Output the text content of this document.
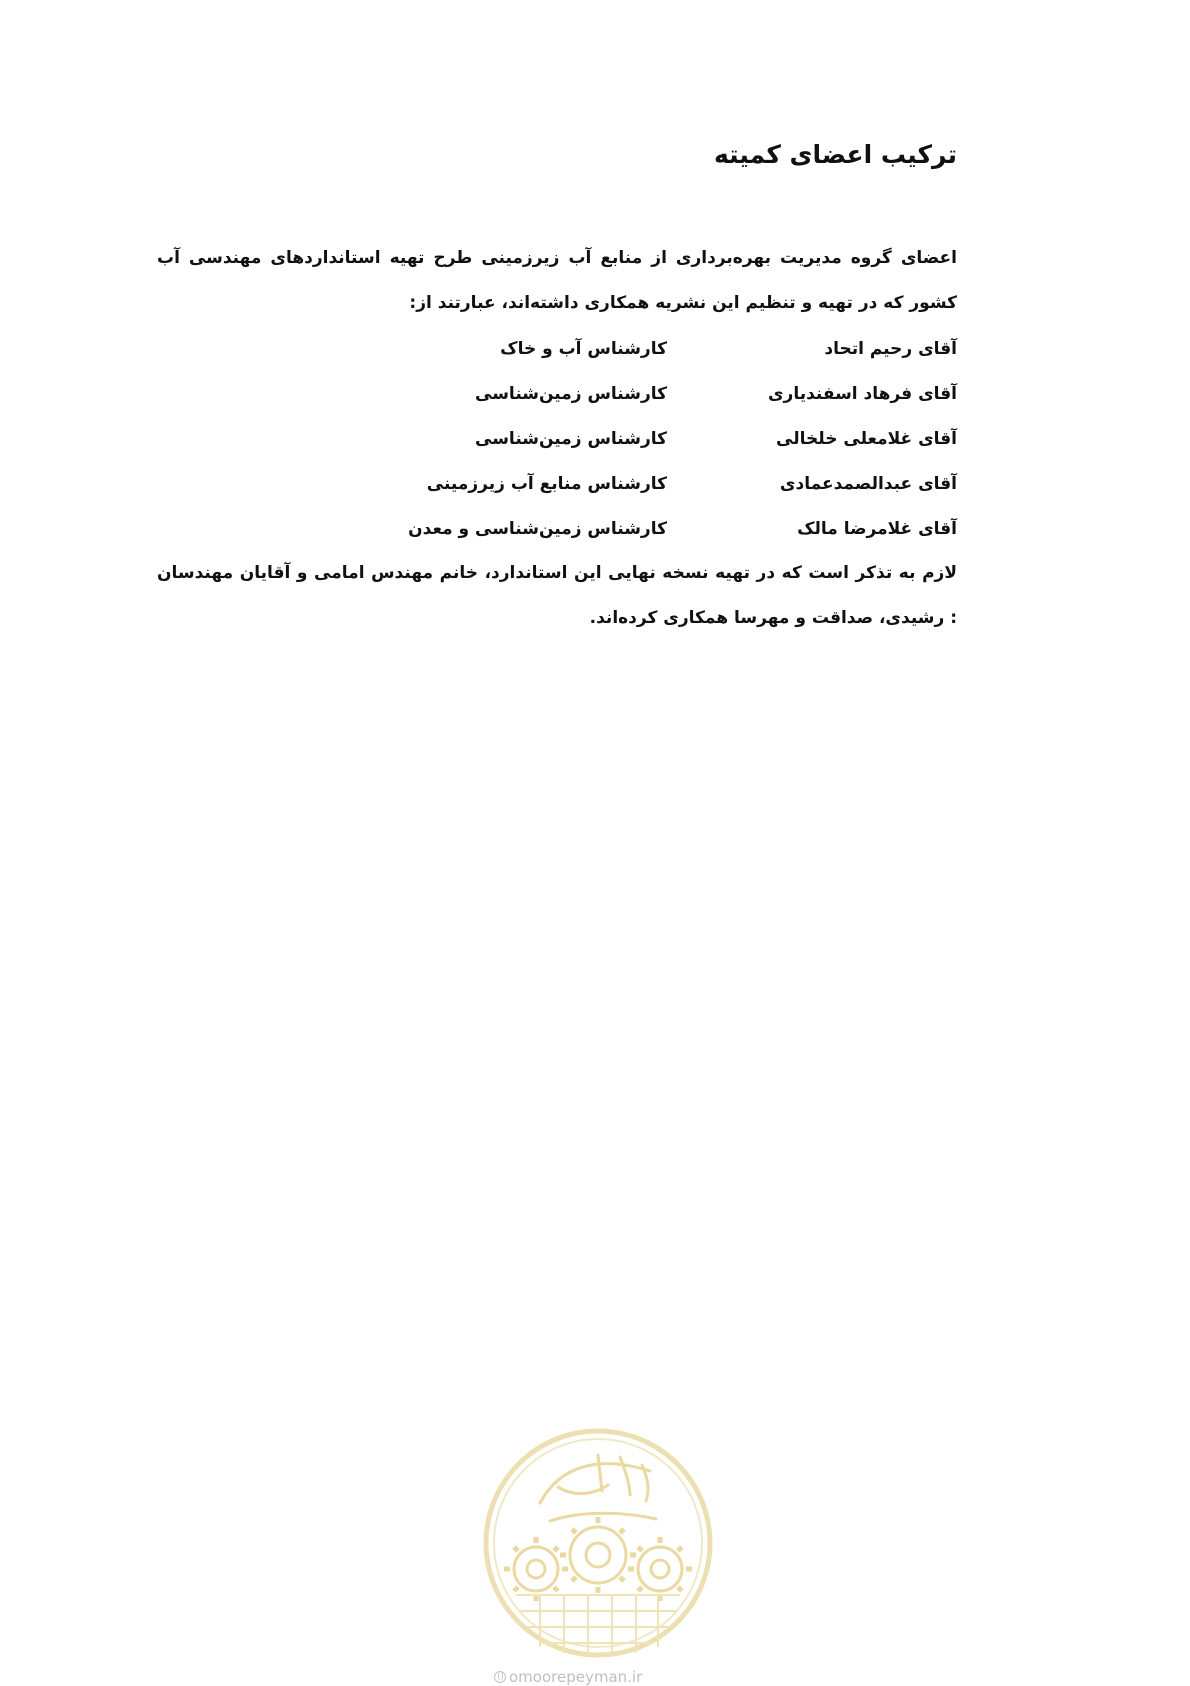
ترکیب اعضای کمیته

اعضای گروه مدیریت بهره‌برداری از منابع آب زیرزمینی طرح تهیه استانداردهای مهندسی آب کشور که در تهیه و تنظیم این نشریه همکاری داشته‌اند، عبارتند از:

آقای رحیم اتحاد
کارشناس آب و خاک
آقای فرهاد اسفندیاری
کارشناس زمین‌شناسی
آقای غلامعلی خلخالی
کارشناس زمین‌شناسی
آقای عبدالصمدعمادی
کارشناس منابع آب زیرزمینی
آقای غلامرضا مالک
کارشناس زمین‌شناسی و معدن

لازم به تذکر است که در تهیه نسخه نهایی این استاندارد، خانم مهندس امامی و آقایان مهندسان : رشیدی، صداقت و مهرسا همکاری کرده‌اند.

omoorepeyman.ir
